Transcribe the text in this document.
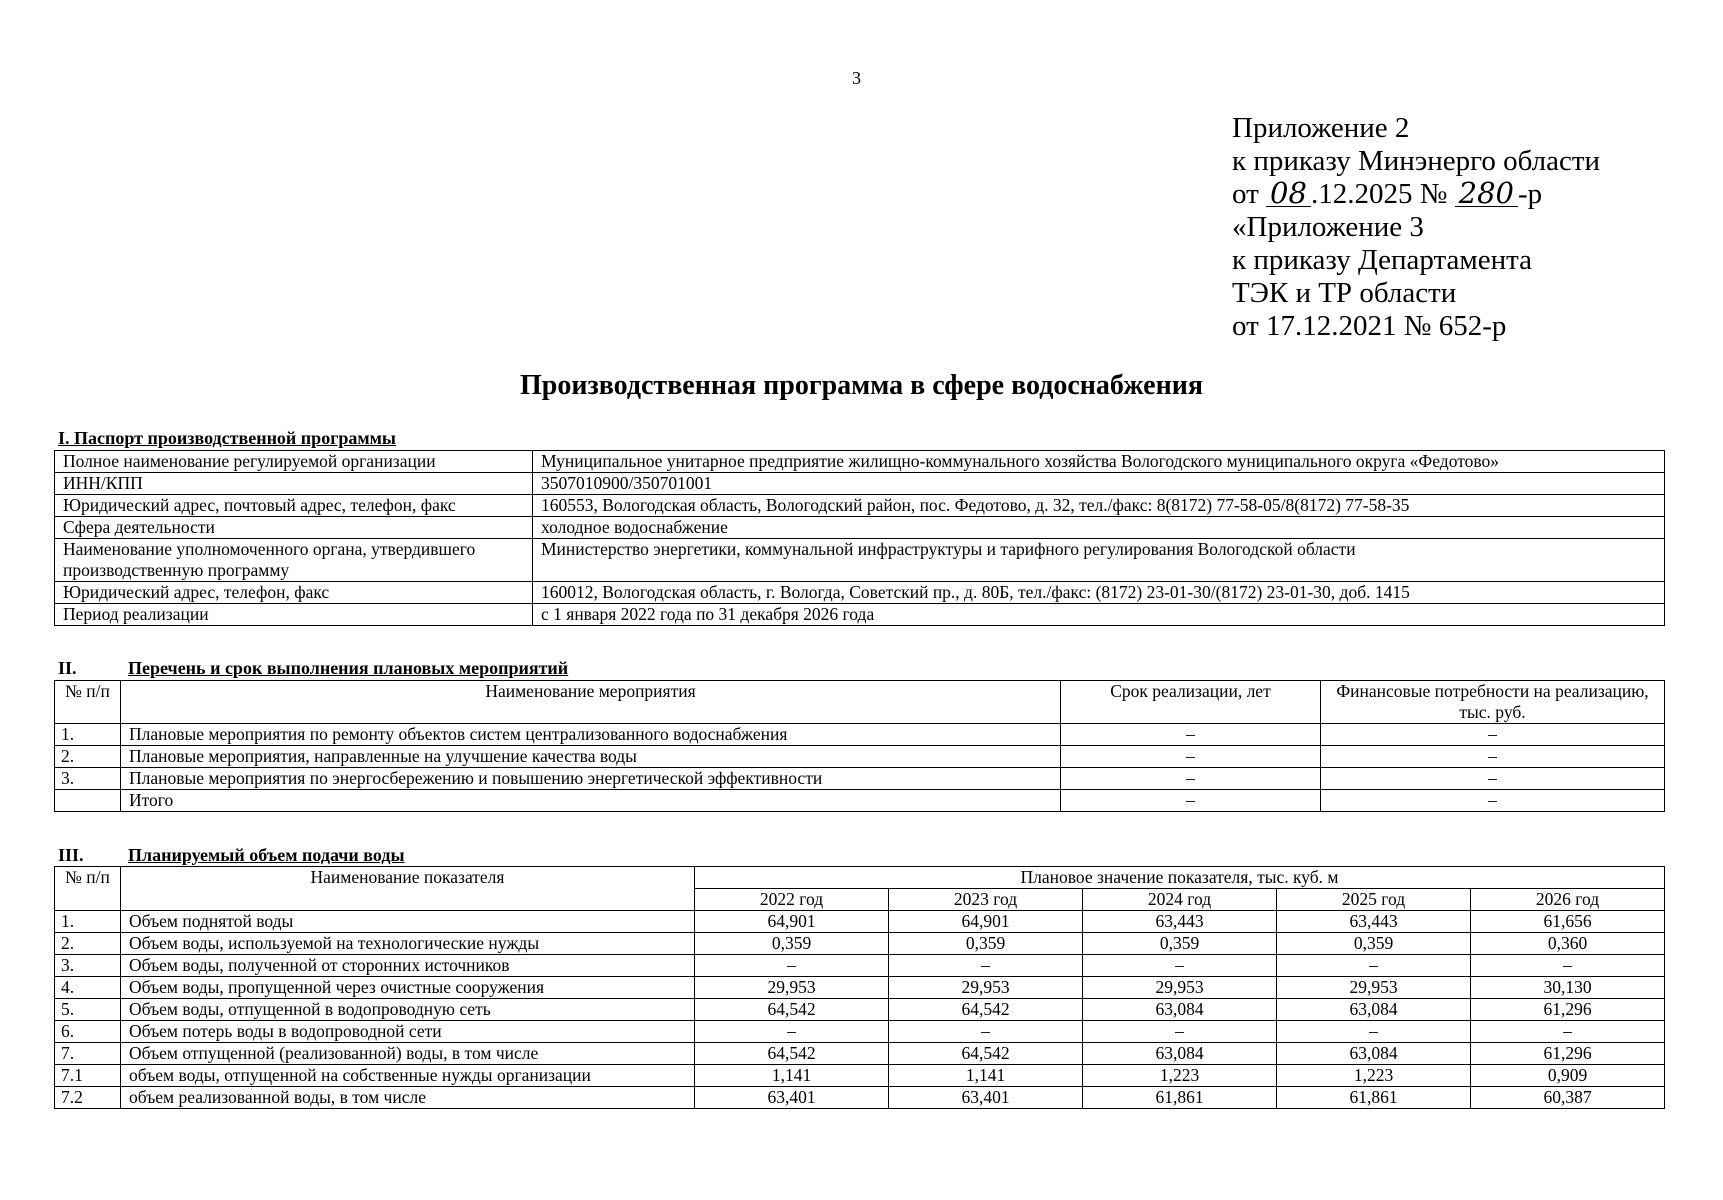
3
Приложение 2
к приказу Минэнерго области
от 08 .12.2025 № 280 -р
«Приложение 3
к приказу Департамента
ТЭК и ТР области
от 17.12.2021 № 652-р
Производственная программа в сфере водоснабжения
I. Паспорт производственной программы
Полное наименование регулируемой организации	Муниципальное унитарное предприятие жилищно-коммунального хозяйства Вологодского муниципального округа «Федотово»
ИНН/КПП	3507010900/350701001
Юридический адрес, почтовый адрес, телефон, факс	160553, Вологодская область, Вологодский район, пос. Федотово, д. 32, тел./факс: 8(8172) 77-58-05/8(8172) 77-58-35
Сфера деятельности	холодное водоснабжение
Наименование уполномоченного органа, утвердившего производственную программу	Министерство энергетики, коммунальной инфраструктуры и тарифного регулирования Вологодской области
Юридический адрес, телефон, факс	160012, Вологодская область, г. Вологда, Советский пр., д. 80Б, тел./факс: (8172) 23-01-30/(8172) 23-01-30, доб. 1415
Период реализации	с 1 января 2022 года по 31 декабря 2026 года
II.	Перечень и срок выполнения плановых мероприятий
№ п/п	Наименование мероприятия	Срок реализации, лет	Финансовые потребности на реализацию, тыс. руб.
1.	Плановые мероприятия по ремонту объектов систем централизованного водоснабжения	–	–
2.	Плановые мероприятия, направленные на улучшение качества воды	–	–
3.	Плановые мероприятия по энергосбережению и повышению энергетической эффективности	–	–
	Итого	–	–
III. Планируемый объем подачи воды
№ п/п	Наименование показателя	Плановое значение показателя, тыс. куб. м				
		2022 год	2023 год	2024 год	2025 год	2026 год
1.	Объем поднятой воды	64,901	64,901	63,443	63,443	61,656
2.	Объем воды, используемой на технологические нужды	0,359	0,359	0,359	0,359	0,360
3.	Объем воды, полученной от сторонних источников	–	–	–	–	–
4.	Объем воды, пропущенной через очистные сооружения	29,953	29,953	29,953	29,953	30,130
5.	Объем воды, отпущенной в водопроводную сеть	64,542	64,542	63,084	63,084	61,296
6.	Объем потерь воды в водопроводной сети	–	–	–	–	–
7.	Объем отпущенной (реализованной) воды, в том числе	64,542	64,542	63,084	63,084	61,296
7.1	объем воды, отпущенной на собственные нужды организации	1,141	1,141	1,223	1,223	0,909
7.2	объем реализованной воды, в том числе	63,401	63,401	61,861	61,861	60,387
